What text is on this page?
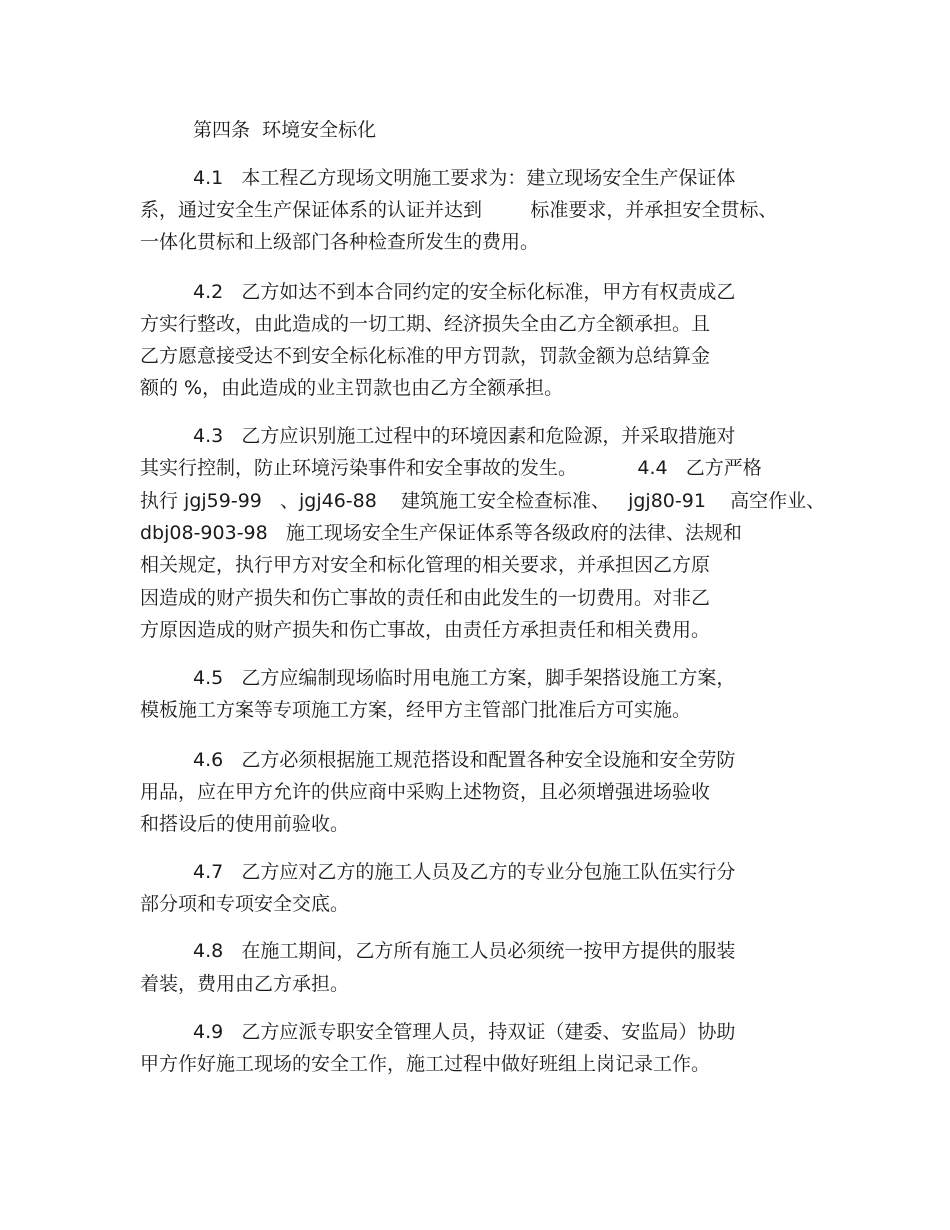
第四条  环境安全标化

4.1   本工程乙方现场文明施工要求为：建立现场安全生产保证体

系，通过安全生产保证体系的认证并达到        标准要求，并承担安全贯标、

一体化贯标和上级部门各种检查所发生的费用。

4.2   乙方如达不到本合同约定的安全标化标准，甲方有权责成乙

方实行整改，由此造成的一切工期、经济损失全由乙方全额承担。且

乙方愿意接受达不到安全标化标准的甲方罚款，罚款金额为总结算金

额的 %，由此造成的业主罚款也由乙方全额承担。

4.3   乙方应识别施工过程中的环境因素和危险源，并采取措施对

其实行控制，防止环境污染事件和安全事故的发生。          4.4   乙方严格

执行 jgj59-99   、jgj46-88    建筑施工安全检查标准、   jgj80-91    高空作业、

dbj08-903-98   施工现场安全生产保证体系等各级政府的法律、法规和

相关规定，执行甲方对安全和标化管理的相关要求，并承担因乙方原

因造成的财产损失和伤亡事故的责任和由此发生的一切费用。对非乙

方原因造成的财产损失和伤亡事故，由责任方承担责任和相关费用。

4.5   乙方应编制现场临时用电施工方案，脚手架搭设施工方案，

模板施工方案等专项施工方案，经甲方主管部门批准后方可实施。

4.6   乙方必须根据施工规范搭设和配置各种安全设施和安全劳防

用品，应在甲方允许的供应商中采购上述物资，且必须增强进场验收

和搭设后的使用前验收。

4.7   乙方应对乙方的施工人员及乙方的专业分包施工队伍实行分

部分项和专项安全交底。

4.8   在施工期间，乙方所有施工人员必须统一按甲方提供的服装

着装，费用由乙方承担。

4.9   乙方应派专职安全管理人员，持双证（建委、安监局）协助

甲方作好施工现场的安全工作，施工过程中做好班组上岗记录工作。
